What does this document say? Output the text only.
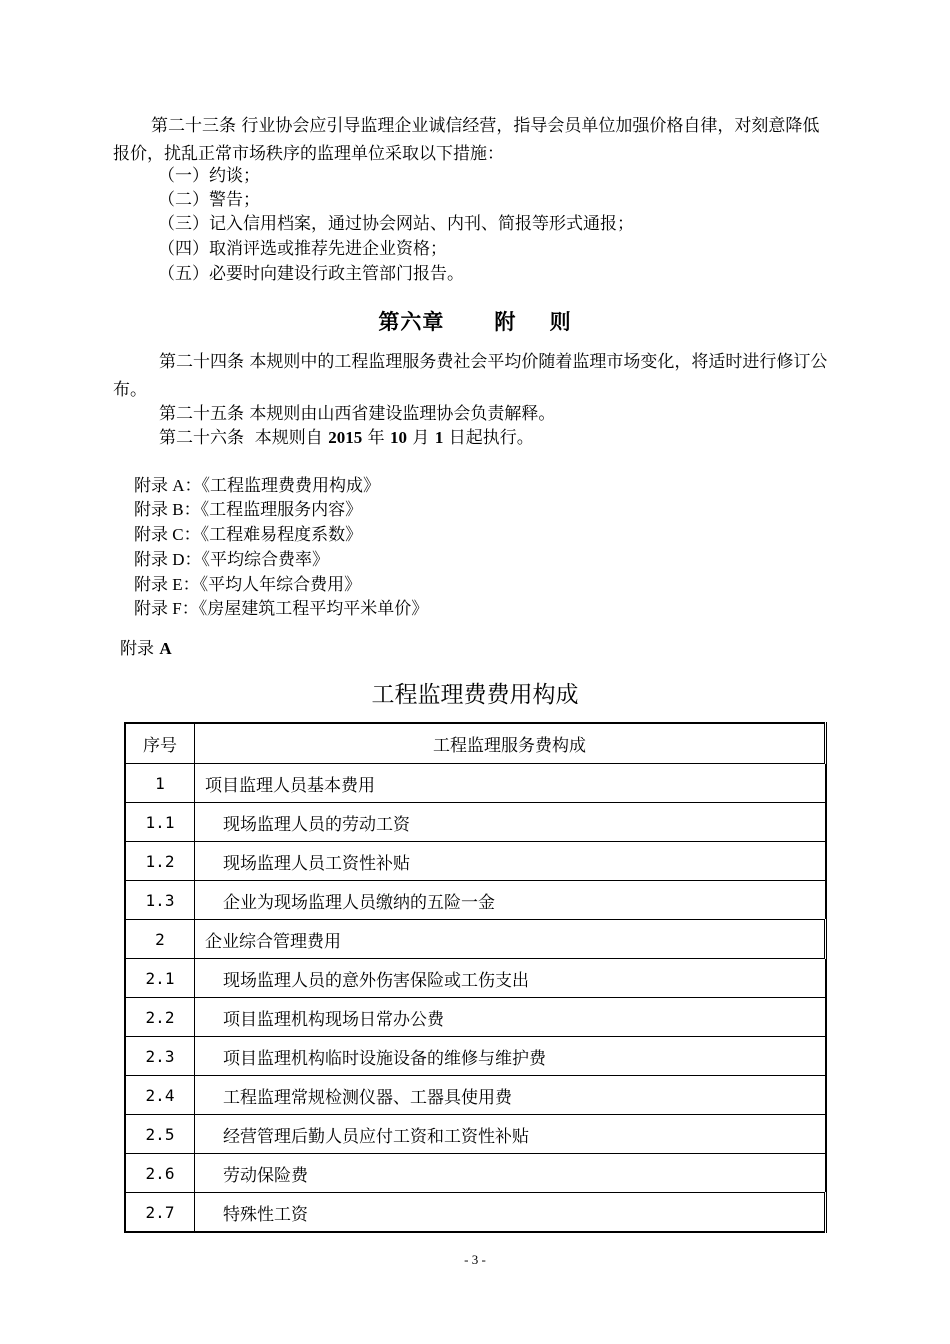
第二十三条 行业协会应引导监理企业诚信经营，指导会员单位加强价格自律，对刻意降低报价，扰乱正常市场秩序的监理单位采取以下措施：
（一）约谈；
（二）警告；
（三）记入信用档案，通过协会网站、内刊、简报等形式通报；
（四）取消评选或推荐先进企业资格；
（五）必要时向建设行政主管部门报告。
第六章 附    则
第二十四条 本规则中的工程监理服务费社会平均价随着监理市场变化，将适时进行修订公布。
第二十五条 本规则由山西省建设监理协会负责解释。
第二十六条  本规则自 2015 年 10 月 1 日起执行。
附录 A：《工程监理费费用构成》
附录 B：《工程监理服务内容》
附录 C：《工程难易程度系数》
附录 D：《平均综合费率》
附录 E：《平均人年综合费用》
附录 F：《房屋建筑工程平均平米单价》
附录 A
工程监理费费用构成
序号	工程监理服务费构成
1	项目监理人员基本费用
1.1	现场监理人员的劳动工资
1.2	现场监理人员工资性补贴
1.3	企业为现场监理人员缴纳的五险一金
2	企业综合管理费用
2.1	现场监理人员的意外伤害保险或工伤支出
2.2	项目监理机构现场日常办公费
2.3	项目监理机构临时设施设备的维修与维护费
2.4	工程监理常规检测仪器、工器具使用费
2.5	经营管理后勤人员应付工资和工资性补贴
2.6	劳动保险费
2.7	特殊性工资
- 3 -
